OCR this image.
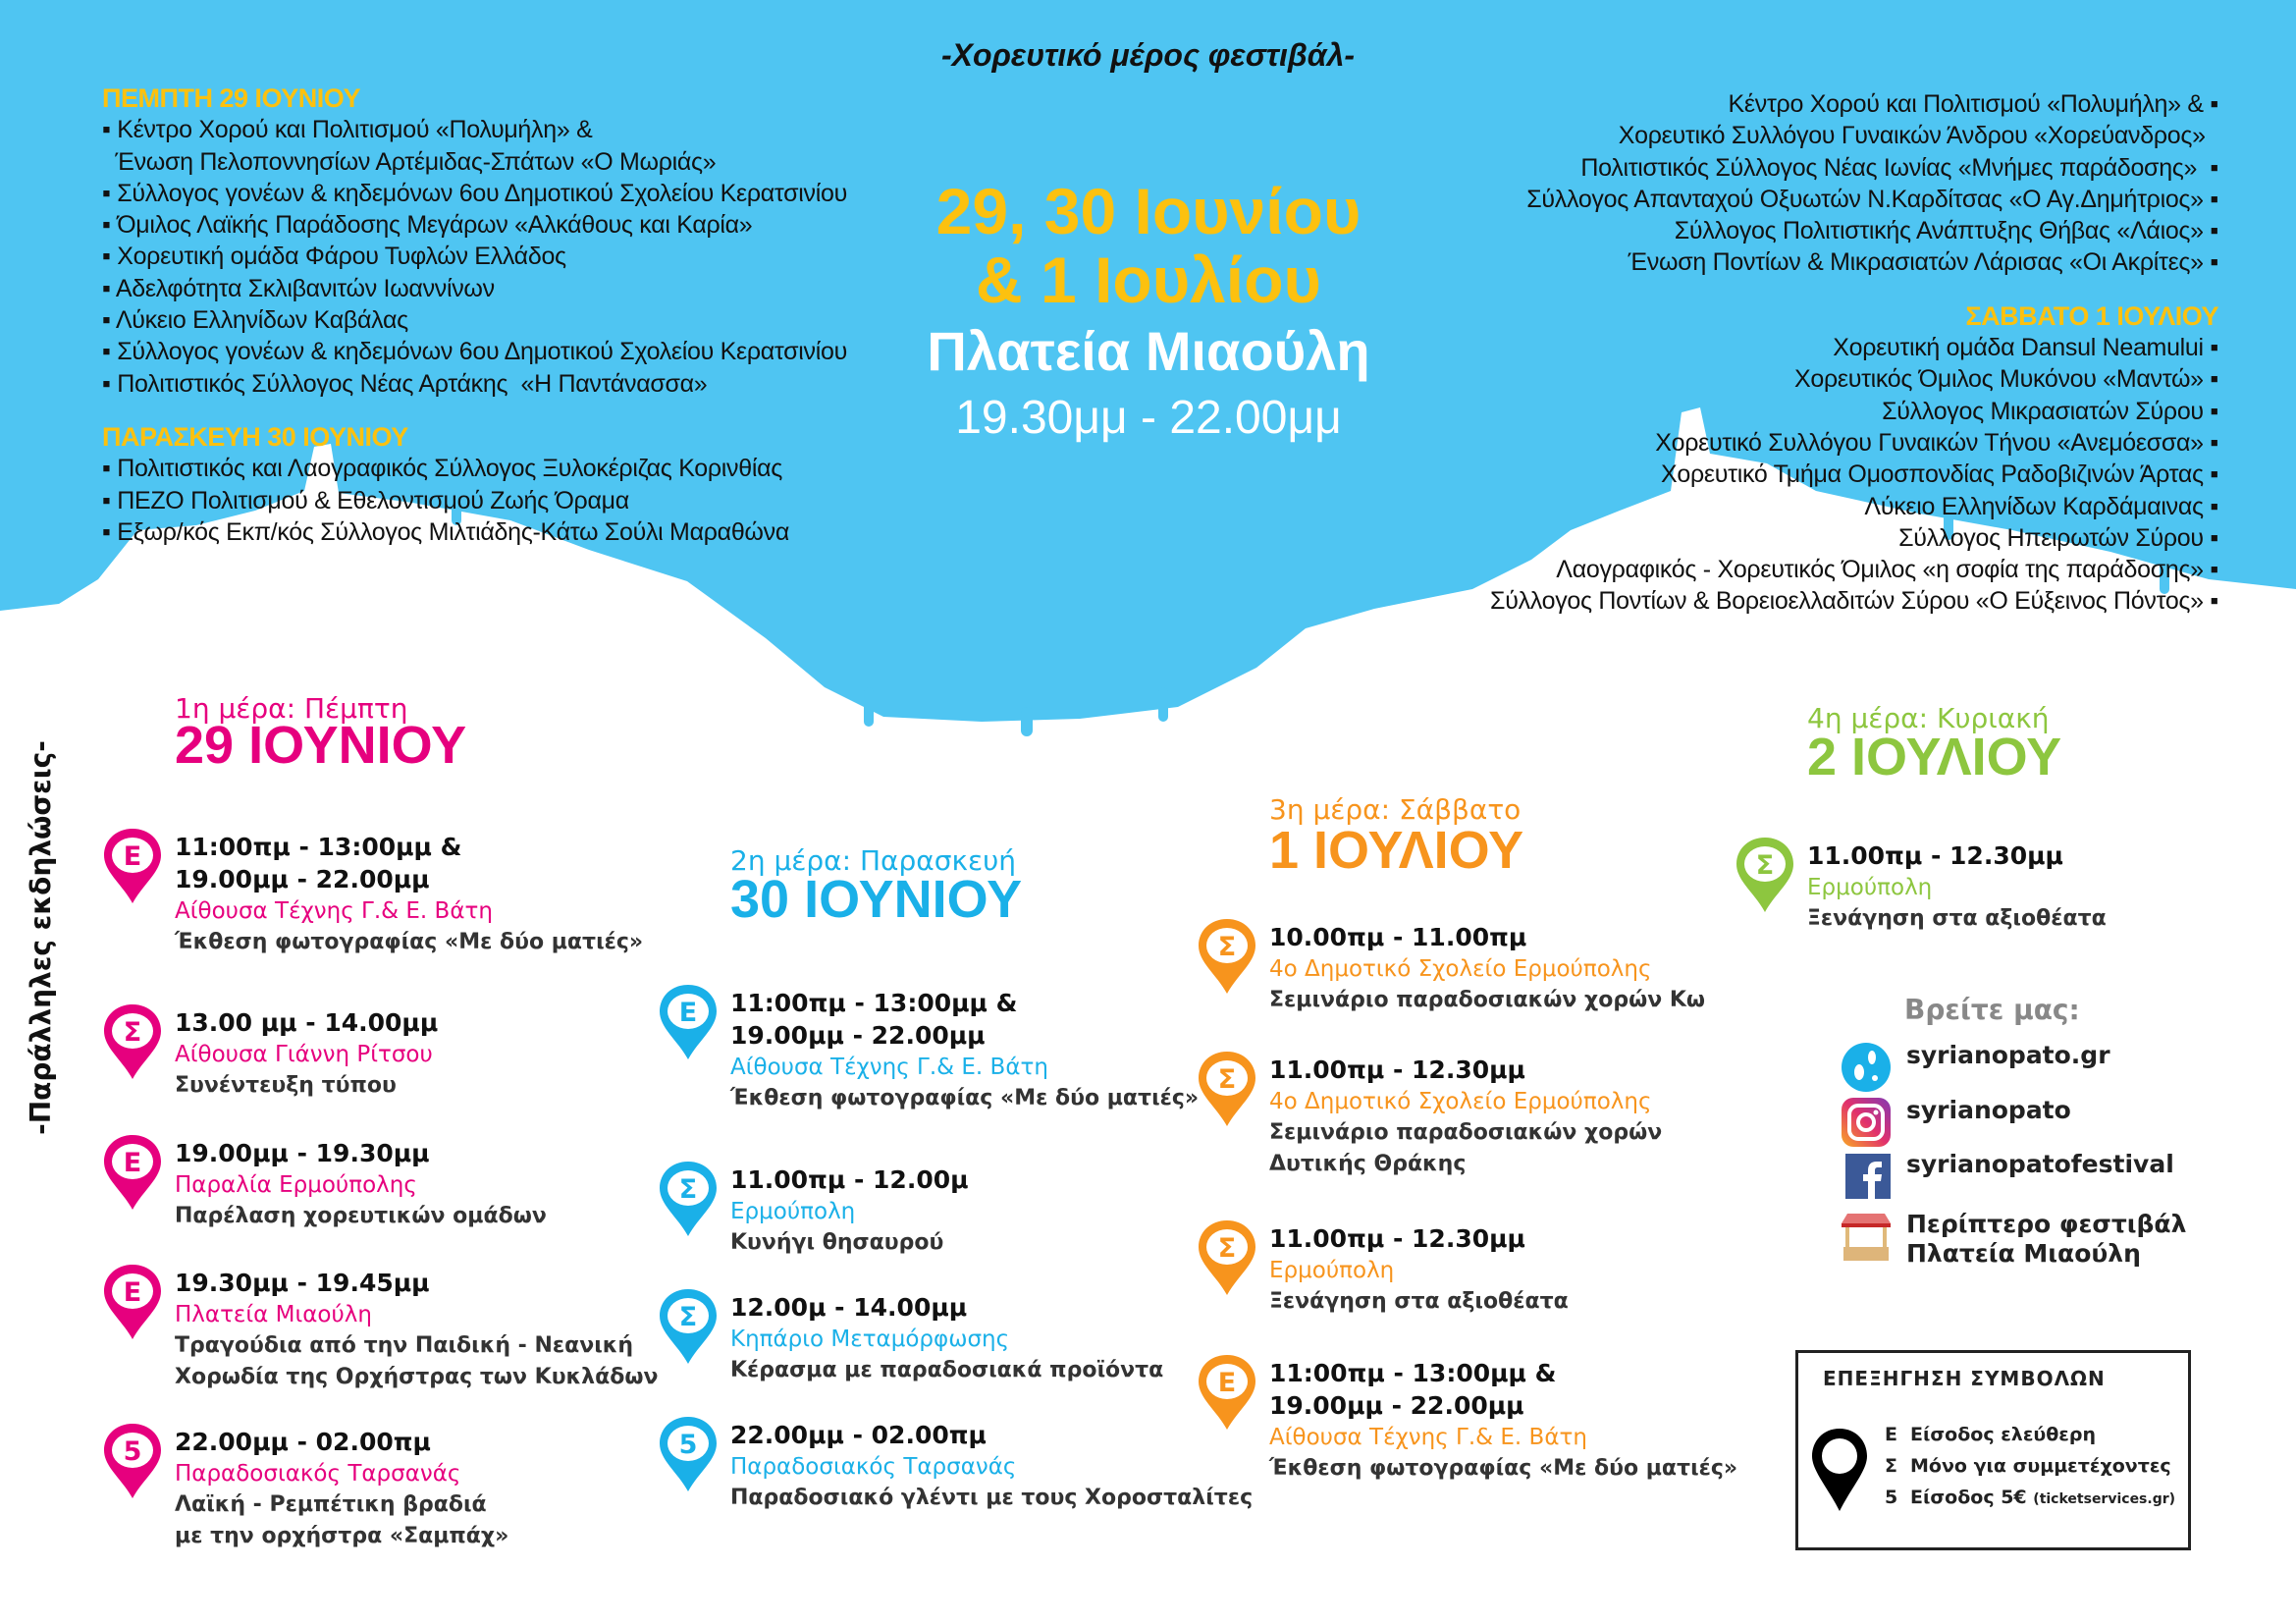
-Χορευτικό μέρος φεστιβάλ-
ΠΕΜΠΤΗ 29 ΙΟΥΝΙΟΥ
▪ Κέντρο Χορού και Πολιτισμού «Πολυμήλη» &
Ένωση Πελοποννησίων Αρτέμιδας-Σπάτων «Ο Μωριάς»
▪ Σύλλογος γονέων & κηδεμόνων 6ου Δημοτικού Σχολείου Κερατσινίου
▪ Όμιλος Λαϊκής Παράδοσης Μεγάρων «Αλκάθους και Καρία»
▪ Χορευτική ομάδα Φάρου Τυφλών Ελλάδος
▪ Αδελφότητα Σκλιβανιτών Ιωαννίνων
▪ Λύκειο Ελληνίδων Καβάλας
▪ Σύλλογος γονέων & κηδεμόνων 6ου Δημοτικού Σχολείου Κερατσινίου
▪ Πολιτιστικός Σύλλογος Νέας Αρτάκης  «Η Παντάνασσα»
ΠΑΡΑΣΚΕΥΗ 30 ΙΟΥΝΙΟΥ
▪ Πολιτιστικός και Λαογραφικός Σύλλογος Ξυλοκέριζας Κορινθίας
▪ ΠΕΖΟ Πολιτισμού & Εθελοντισμού Ζωής Όραμα
▪ Εξωρ/κός Εκπ/κός Σύλλογος Μιλτιάδης-Κάτω Σούλι Μαραθώνα
Κέντρο Χορού και Πολιτισμού «Πολυμήλη» & ▪
Χορευτικό Συλλόγου Γυναικών Άνδρου «Χορεύανδρος»
Πολιτιστικός Σύλλογος Νέας Ιωνίας «Μνήμες παράδοσης»  ▪
Σύλλογος Απανταχού Οξυωτών Ν.Καρδίτσας «Ο Αγ.Δημήτριος» ▪
Σύλλογος Πολιτιστικής Ανάπτυξης Θήβας «Λάιος» ▪
Ένωση Ποντίων & Μικρασιατών Λάρισας «Οι Ακρίτες» ▪
ΣΑΒΒΑΤΟ 1 ΙΟΥΛΙΟΥ
Χορευτική ομάδα Dansul Neamului ▪
Χορευτικός Όμιλος Μυκόνου «Μαντώ» ▪
Σύλλογος Μικρασιατών Σύρου ▪
Χορευτικό Συλλόγου Γυναικών Τήνου «Ανεμόεσσα» ▪
Χορευτικό Τμήμα Ομοσπονδίας Ραδοβιζινών Άρτας ▪
Λύκειο Ελληνίδων Καρδάμαινας ▪
Σύλλογος Ηπειρωτών Σύρου ▪
Λαογραφικός - Χορευτικός Όμιλος «η σοφία της παράδοσης» ▪
Σύλλογος Ποντίων & Βορειοελλαδιτών Σύρου «Ο Εύξεινος Πόντος» ▪
29, 30 Ιουνίου
& 1 Ιουλίου
Πλατεία Μιαούλη
19.30μμ - 22.00μμ
-Παράλληλες εκδηλώσεις-
1η μέρα: Πέμπτη
29 ΙΟΥΝΙΟΥ
Ε 11:00πμ - 13:00μμ &
19.00μμ - 22.00μμ
Αίθουσα Τέχνης Γ.& Ε. Βάτη
Έκθεση φωτογραφίας «Με δύο ματιές»
Σ 13.00 μμ - 14.00μμ
Αίθουσα Γιάννη Ρίτσου
Συνέντευξη τύπου
Ε 19.00μμ - 19.30μμ
Παραλία Ερμούπολης
Παρέλαση χορευτικών ομάδων
Ε 19.30μμ - 19.45μμ
Πλατεία Μιαούλη
Τραγούδια από την Παιδική - Νεανική
Χορωδία της Ορχήστρας των Κυκλάδων
5 22.00μμ - 02.00πμ
Παραδοσιακός Ταρσανάς
Λαϊκή - Ρεμπέτικη βραδιά
με την ορχήστρα «Σαμπάχ»
2η μέρα: Παρασκευή
30 ΙΟΥΝΙΟΥ
Ε 11:00πμ - 13:00μμ &
19.00μμ - 22.00μμ
Αίθουσα Τέχνης Γ.& Ε. Βάτη
Έκθεση φωτογραφίας «Με δύο ματιές»
Σ 11.00πμ - 12.00μ
Ερμούπολη
Κυνήγι θησαυρού
Σ 12.00μ - 14.00μμ
Κηπάριο Μεταμόρφωσης
Κέρασμα με παραδοσιακά προϊόντα
5 22.00μμ - 02.00πμ
Παραδοσιακός Ταρσανάς
Παραδοσιακό γλέντι με τους Χοροσταλίτες
3η μέρα: Σάββατο
1 ΙΟΥΛΙΟΥ
Σ 10.00πμ - 11.00πμ
4ο Δημοτικό Σχολείο Ερμούπολης
Σεμινάριο παραδοσιακών χορών Κω
Σ 11.00πμ - 12.30μμ
4ο Δημοτικό Σχολείο Ερμούπολης
Σεμινάριο παραδοσιακών χορών
Δυτικής Θράκης
Σ 11.00πμ - 12.30μμ
Ερμούπολη
Ξενάγηση στα αξιοθέατα
Ε 11:00πμ - 13:00μμ &
19.00μμ - 22.00μμ
Αίθουσα Τέχνης Γ.& Ε. Βάτη
Έκθεση φωτογραφίας «Με δύο ματιές»
4η μέρα: Κυριακή
2 ΙΟΥΛΙΟΥ
Σ 11.00πμ - 12.30μμ
Ερμούπολη
Ξενάγηση στα αξιοθέατα
Βρείτε μας:
syrianopato.gr
syrianopato
syrianopatofestival
Περίπτερο φεστιβάλ
Πλατεία Μιαούλη
ΕΠΕΞΗΓΗΣΗ ΣΥΜΒΟΛΩΝ
Ε Είσοδος ελεύθερη
Σ Μόνο για συμμετέχοντες
5 Είσοδος 5€ (ticketservices.gr)
